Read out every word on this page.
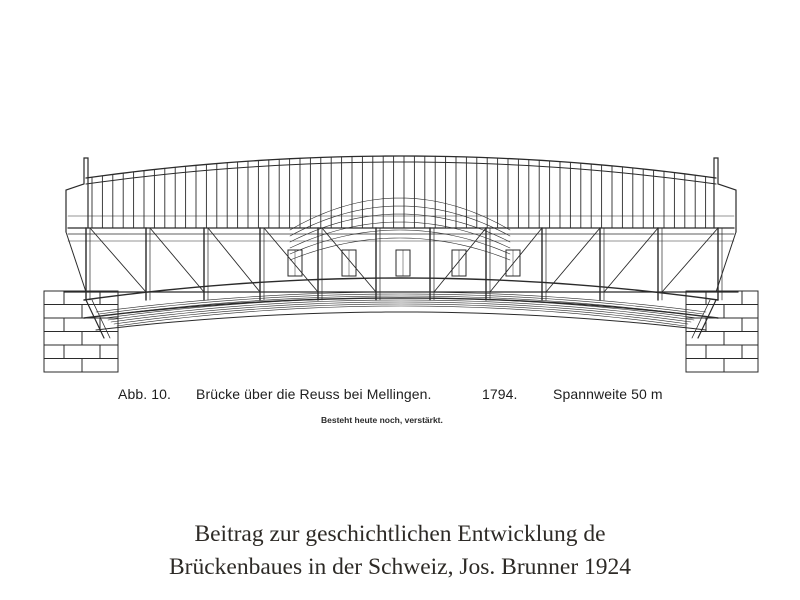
Abb. 10. Brücke über die Reuss bei Mellingen.	1794.	Spannweite 50 m
Besteht heute noch, verstärkt.
Beitrag zur geschichtlichen Entwicklung de
Brückenbaues in der Schweiz, Jos. Brunner 1924
